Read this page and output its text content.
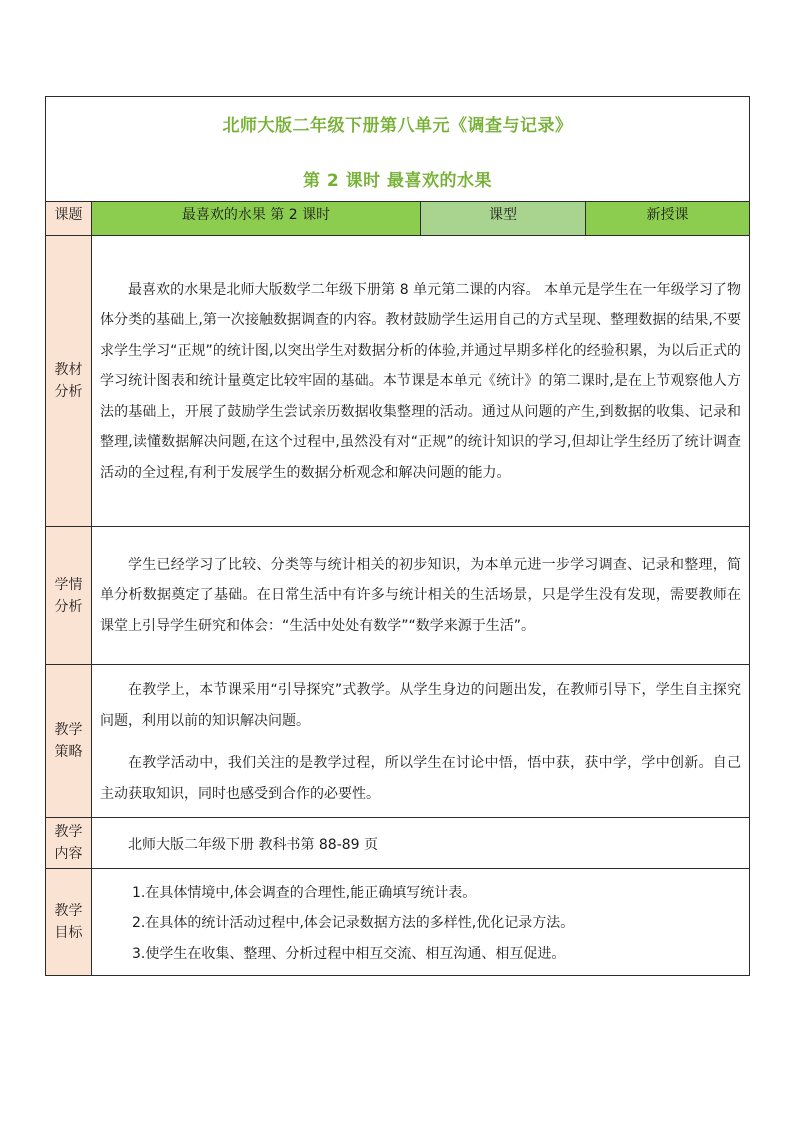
北师大版二年级下册第八单元《调查与记录》
第 2 课时 最喜欢的水果			

课题	最喜欢的水果 第 2 课时	课型	新授课

教材分析	最喜欢的水果是北师大版数学二年级下册第 8 单元第二课的内容。 本单元是学生在一年级学习了物体分类的基础上,第一次接触数据调查的内容。教材鼓励学生运用自己的方式呈现、整理数据的结果,不要求学生学习“正规”的统计图,以突出学生对数据分析的体验,并通过早期多样化的经验积累，为以后正式的学习统计图表和统计量奠定比较牢固的基础。本节课是本单元《统计》的第二课时,是在上节观察他人方法的基础上，开展了鼓励学生尝试亲历数据收集整理的活动。通过从问题的产生,到数据的收集、记录和整理,读懂数据解决问题,在这个过程中,虽然没有对“正规”的统计知识的学习,但却让学生经历了统计调查活动的全过程,有利于发展学生的数据分析观念和解决问题的能力。		

学情分析	学生已经学习了比较、分类等与统计相关的初步知识，为本单元进一步学习调查、记录和整理，简单分析数据奠定了基础。在日常生活中有许多与统计相关的生活场景，只是学生没有发现，需要教师在课堂上引导学生研究和体会：“生活中处处有数学”“数学来源于生活”。		

教学策略	在教学上，本节课采用“引导探究”式教学。从学生身边的问题出发，在教师引导下，学生自主探究问题，利用以前的知识解决问题。

在教学活动中，我们关注的是教学过程，所以学生在讨论中悟，悟中获，获中学，学中创新。自己主动获取知识，同时也感受到合作的必要性。		

教学内容	北师大版二年级下册 教科书第 88-89 页		

教学目标	1.在具体情境中,体会调查的合理性,能正确填写统计表。

2.在具体的统计活动过程中,体会记录数据方法的多样性,优化记录方法。

3.使学生在收集、整理、分析过程中相互交流、相互沟通、相互促进。		
